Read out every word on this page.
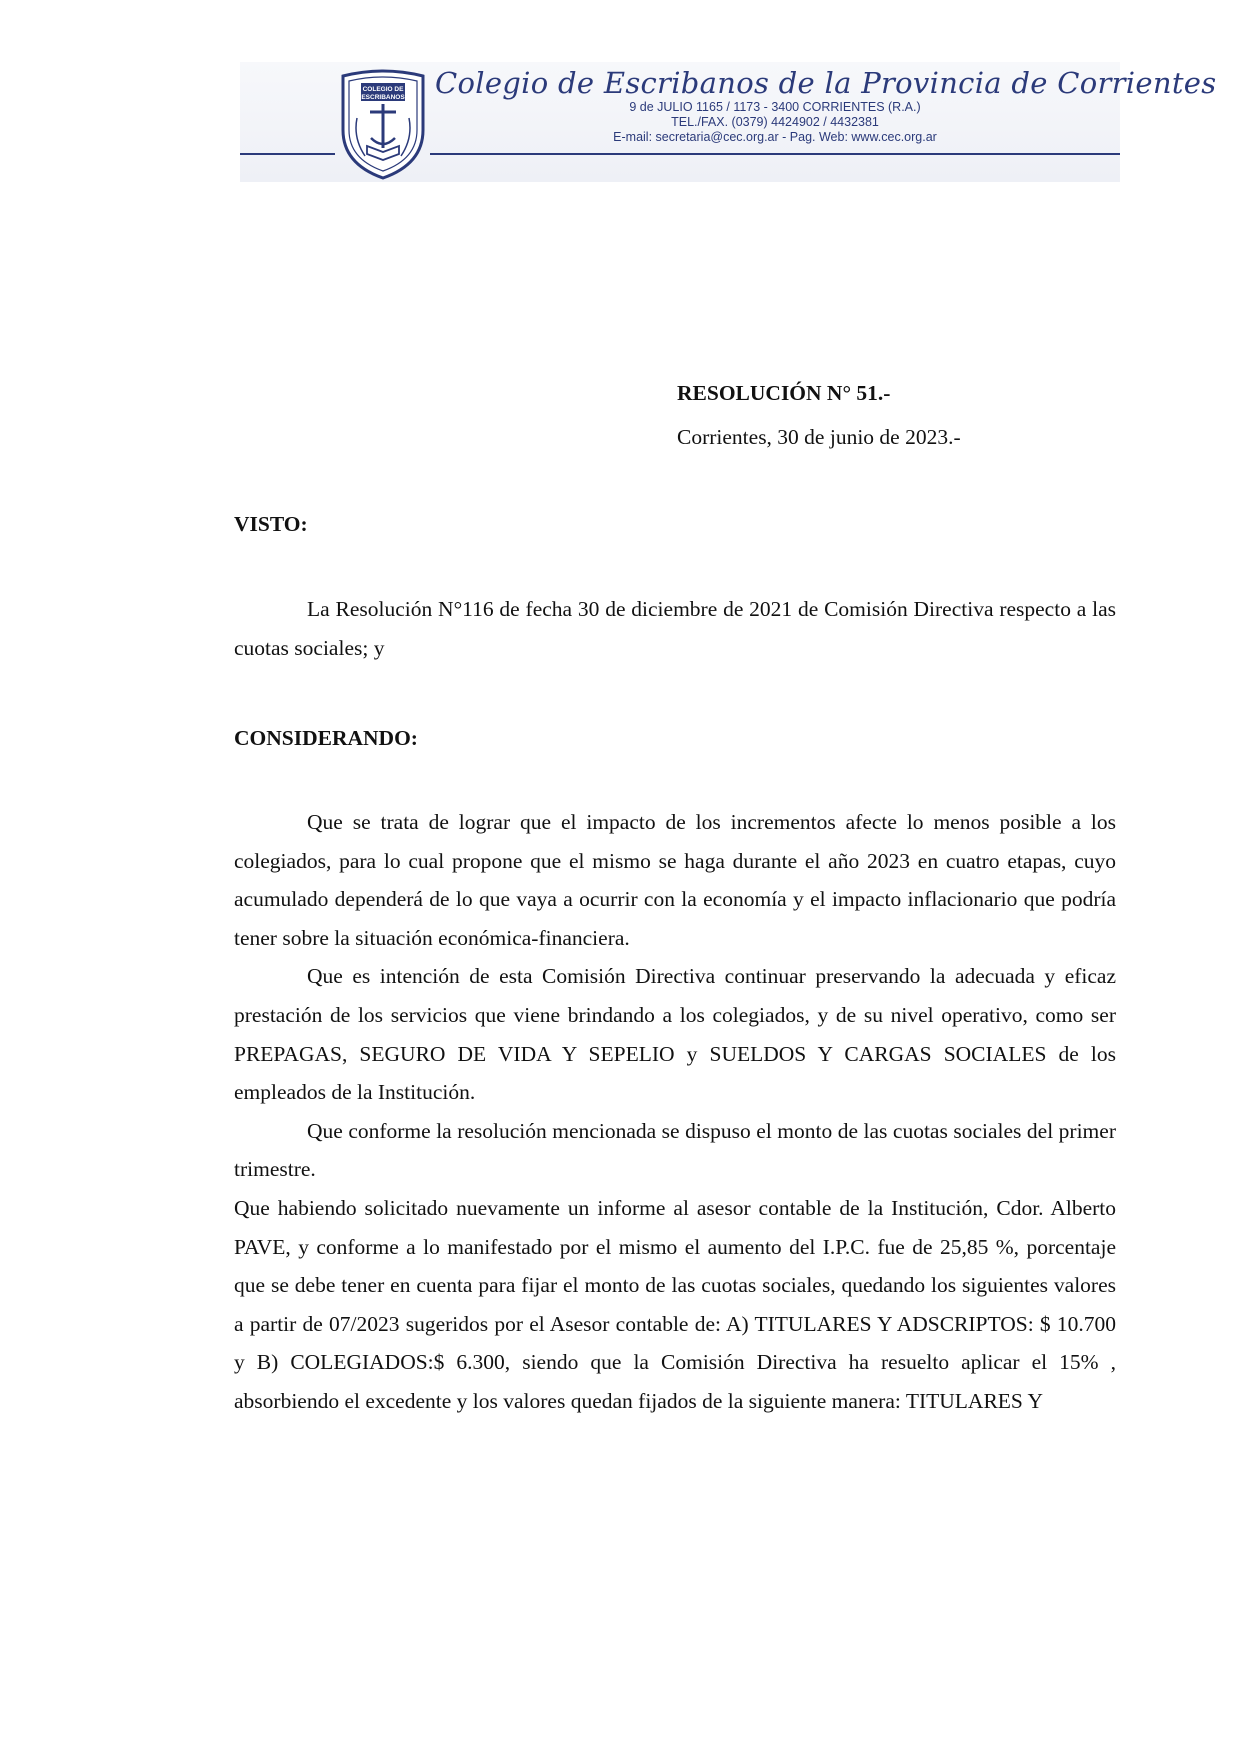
COLEGIO DE
ESCRIBANOS Colegio de Escribanos de la Provincia de Corrientes
9 de JULIO 1165 / 1173 - 3400 CORRIENTES (R.A.)
TEL./FAX. (0379) 4424902 / 4432381
E-mail: secretaria@cec.org.ar - Pag. Web: www.cec.org.ar
RESOLUCIÓN N° 51.-
Corrientes, 30 de junio de 2023.-
VISTO:

La Resolución N°116 de fecha 30 de diciembre de 2021 de Comisión Directiva respecto a las cuotas sociales; y

CONSIDERANDO:

Que se trata de lograr que el impacto de los incrementos afecte lo menos posible a los colegiados, para lo cual propone que el mismo se haga durante el año 2023 en cuatro etapas, cuyo acumulado dependerá de lo que vaya a ocurrir con la economía y el impacto inflacionario que podría tener sobre la situación económica-financiera.

Que es intención de esta Comisión Directiva continuar preservando la adecuada y eficaz prestación de los servicios que viene brindando a los colegiados, y de su nivel operativo, como ser PREPAGAS, SEGURO DE VIDA Y SEPELIO y SUELDOS Y CARGAS SOCIALES de los empleados de la Institución.

Que conforme la resolución mencionada se dispuso el monto de las cuotas sociales del primer trimestre.

Que habiendo solicitado nuevamente un informe al asesor contable de la Institución, Cdor. Alberto PAVE, y conforme a lo manifestado por el mismo el aumento del I.P.C. fue de 25,85 %, porcentaje que se debe tener en cuenta para fijar el monto de las cuotas sociales, quedando los siguientes valores a partir de 07/2023 sugeridos por el Asesor contable de: A) TITULARES Y ADSCRIPTOS: $ 10.700 y B) COLEGIADOS:$ 6.300, siendo que la Comisión Directiva ha resuelto aplicar el 15% , absorbiendo el excedente y los valores quedan fijados de la siguiente manera: TITULARES Y
